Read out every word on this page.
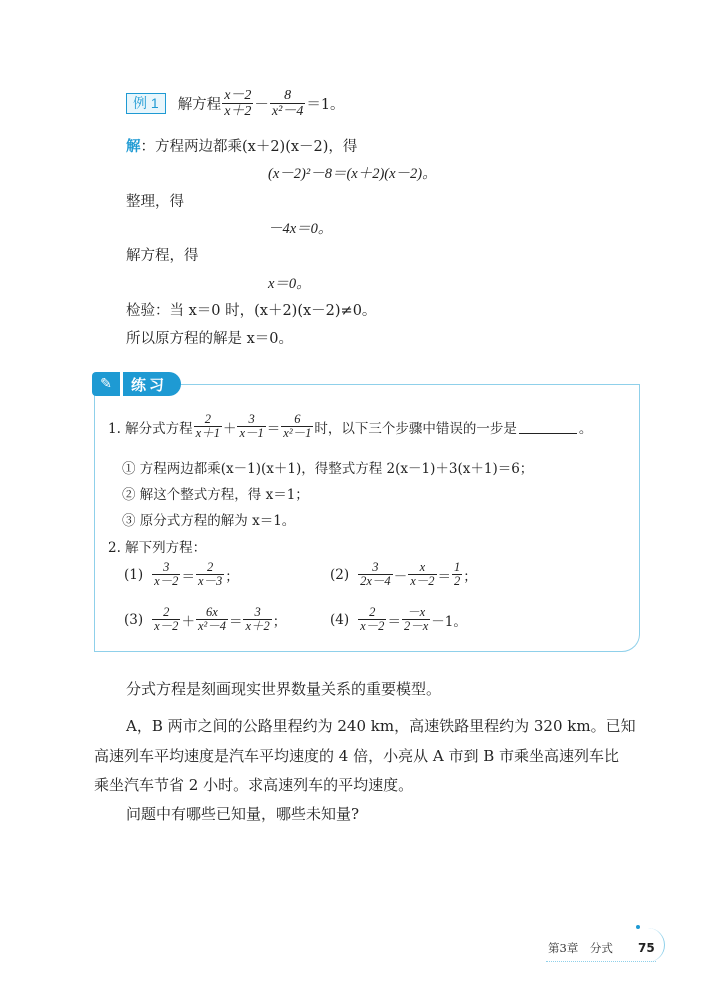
例 1	解方程 $\frac{x-2}{x+2} - \frac{8}{\text{x²－4}} =1$。
解：方程两边都乘(x＋2)(x－2)，得
(x－2)²－8＝(x＋2)(x－2)。
整理，得
－4x＝0。
解方程，得
x＝0。
检验：当 x＝0 时，(x＋2)(x－2)≠0。
所以原方程的解是 x＝0。
✎	练习
1. 解分式方程 $\frac{2}{x+1} + \frac{3}{x-1} = \frac{6}{\text{x²－1}}$ 时，以下三个步骤中错误的一步是	。
① 方程两边都乘(x－1)(x＋1)，得整式方程 2(x－1)＋3(x＋1)＝6；
② 解这个整式方程，得 x＝1；
③ 原分式方程的解为 x＝1。
2. 解下列方程：
$(1) \frac{3}{x-2} = \frac{2}{x-3}$ ；	$(2) \frac{3}{2x-4} - \frac{x}{x-2} = \frac{1}{2}$ ；
$(3) \frac{2}{x-2} + \frac{6x}{\text{x²－4}} = \frac{3}{x+2}$ ；	$(4) \frac{2}{x-2} = \frac{-x}{2-x} -1$。
分式方程是刻画现实世界数量关系的重要模型。
A，B 两市之间的公路里程约为 240 km，高速铁路里程约为 320 km。已知
高速列车平均速度是汽车平均速度的 4 倍，小亮从 A 市到 B 市乘坐高速列车比
乘坐汽车节省 2 小时。求高速列车的平均速度。
问题中有哪些已知量，哪些未知量?
第3章　分式 75
